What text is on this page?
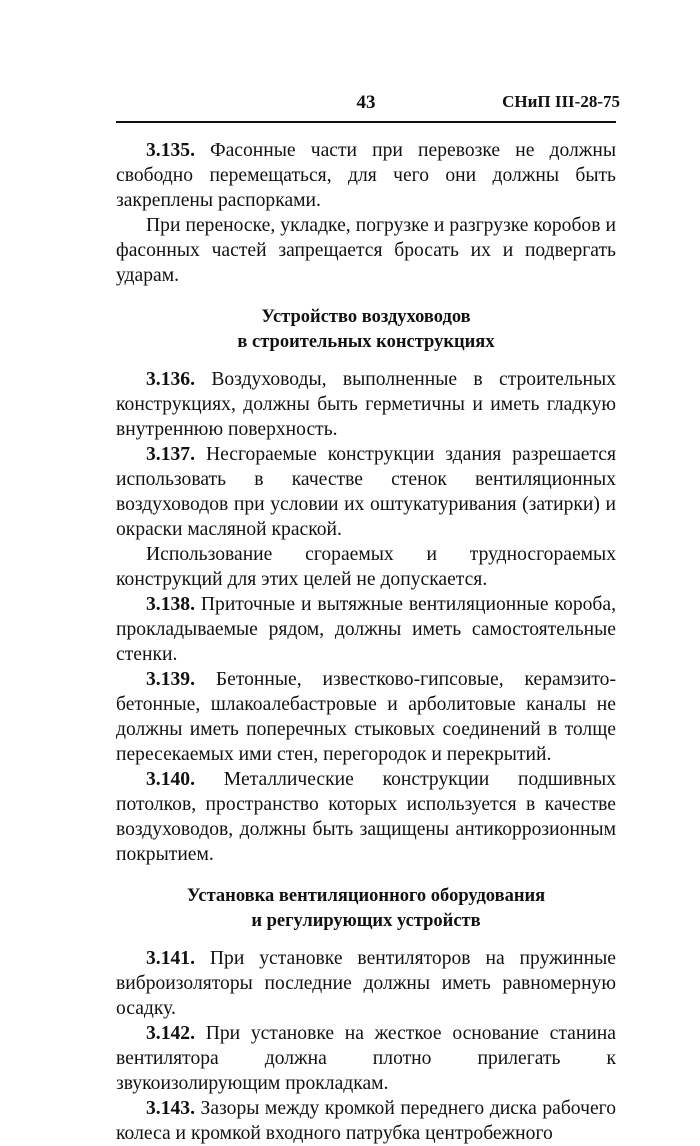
43	СНиП III-28-75

3.135. Фасонные части при перевозке не должны свободно перемещаться, для чего они должны быть закреплены распорками.

При переноске, укладке, погрузке и разгрузке коробов и фасонных частей запрещается бросать их и подвергать ударам.

Устройство воздуховодов
в строительных конструкциях

3.136. Воздуховоды, выполненные в строительных конструкциях, должны быть герметичны и иметь гладкую внутреннюю поверхность.

3.137. Несгораемые конструкции здания разрешается использовать в качестве стенок вентиляционных воздуховодов при условии их оштукатуривания (затирки) и окраски масляной краской.

Использование сгораемых и трудносгораемых конструкций для этих целей не допускается.

3.138. Приточные и вытяжные вентиляционные короба, прокладываемые рядом, должны иметь самостоятельные стенки.

3.139. Бетонные, известково-гипсовые, керамзито-бетонные, шлакоалебастровые и арболитовые каналы не должны иметь поперечных стыковых соединений в толще пересекаемых ими стен, перегородок и перекрытий.

3.140. Металлические конструкции подшивных потолков, пространство которых используется в качестве воздуховодов, должны быть защищены антикоррозионным покрытием.

Установка вентиляционного оборудования
и регулирующих устройств

3.141. При установке вентиляторов на пружинные виброизоляторы последние должны иметь равномерную осадку.

3.142. При установке на жесткое основание станина вентилятора должна плотно прилегать к звукоизолирующим прокладкам.

3.143. Зазоры между кромкой переднего диска рабочего колеса и кромкой входного патрубка центробежного
